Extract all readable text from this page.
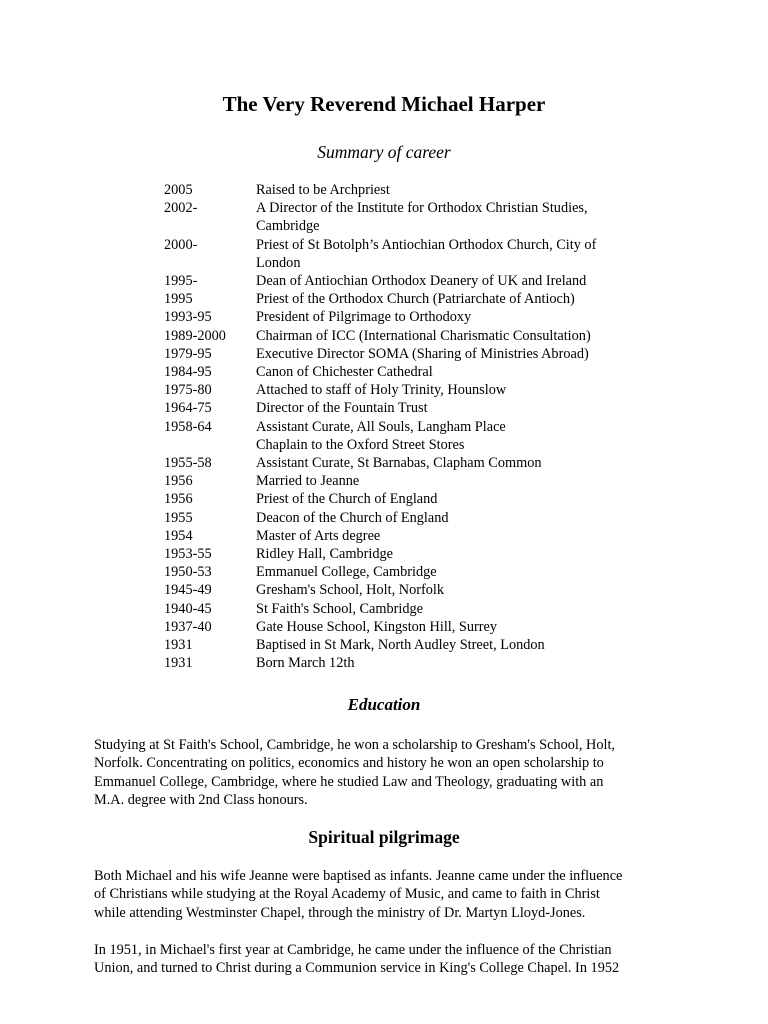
The Very Reverend Michael Harper
Summary of career
2005	Raised to be Archpriest
2002-	A Director of the Institute for Orthodox Christian Studies,
Cambridge
2000-	Priest of St Botolph’s Antiochian Orthodox Church, City of
London
1995-	Dean of Antiochian Orthodox Deanery of UK and Ireland
1995	Priest of the Orthodox Church (Patriarchate of Antioch)
1993-95	President of Pilgrimage to Orthodoxy
1989-2000	Chairman of ICC (International Charismatic Consultation)
1979-95	Executive Director SOMA (Sharing of Ministries Abroad)
1984-95	Canon of Chichester Cathedral
1975-80	Attached to staff of Holy Trinity, Hounslow
1964-75	Director of the Fountain Trust
1958-64	Assistant Curate, All Souls, Langham Place
Chaplain to the Oxford Street Stores
1955-58	Assistant Curate, St Barnabas, Clapham Common
1956	Married to Jeanne
1956	Priest of the Church of England
1955	Deacon of the Church of England
1954	Master of Arts degree
1953-55	Ridley Hall, Cambridge
1950-53	Emmanuel College, Cambridge
1945-49	Gresham's School, Holt, Norfolk
1940-45	St Faith's School, Cambridge
1937-40	Gate House School, Kingston Hill, Surrey
1931	Baptised in St Mark, North Audley Street, London
1931	Born March 12th
Education
Studying at St Faith's School, Cambridge, he won a scholarship to Gresham's School, Holt,
Norfolk. Concentrating on politics, economics and history he won an open scholarship to
Emmanuel College, Cambridge, where he studied Law and Theology, graduating with an
M.A. degree with 2nd Class honours.
Spiritual pilgrimage
Both Michael and his wife Jeanne were baptised as infants. Jeanne came under the influence
of Christians while studying at the Royal Academy of Music, and came to faith in Christ
while attending Westminster Chapel, through the ministry of Dr. Martyn Lloyd-Jones.
In 1951, in Michael's first year at Cambridge, he came under the influence of the Christian
Union, and turned to Christ during a Communion service in King's College Chapel. In 1952
